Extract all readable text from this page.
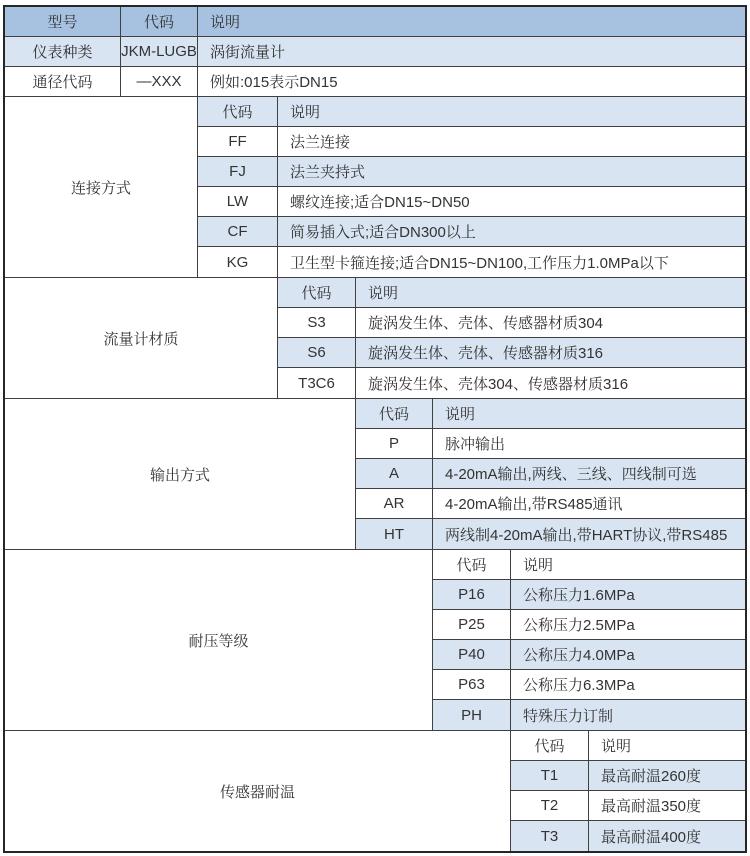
型号	代码	说明
仪表种类	JKM-LUGB 涡街流量计
通径代码	—XXX	例如:015表示DN15
连接方式
代码	说明
FF	法兰连接
FJ	法兰夹持式
LW	螺纹连接;适合DN15~DN50
CF	简易插入式;适合DN300以上
KG	卫生型卡箍连接;适合DN15~DN100,工作压力1.0MPa以下
流量计材质
代码	说明
S3	旋涡发生体、壳体、传感器材质304
S6	旋涡发生体、壳体、传感器材质316
T3C6	旋涡发生体、壳体304、传感器材质316
输出方式
代码	说明
P	脉冲输出
A	4-20mA输出,两线、三线、四线制可选
AR	4-20mA输出,带RS485通讯
HT	两线制4-20mA输出,带HART协议,带RS485
耐压等级
代码	说明
P16	公称压力1.6MPa
P25	公称压力2.5MPa
P40	公称压力4.0MPa
P63	公称压力6.3MPa
PH	特殊压力订制
传感器耐温
代码	说明
T1	最高耐温260度
T2	最高耐温350度
T3	最高耐温400度
